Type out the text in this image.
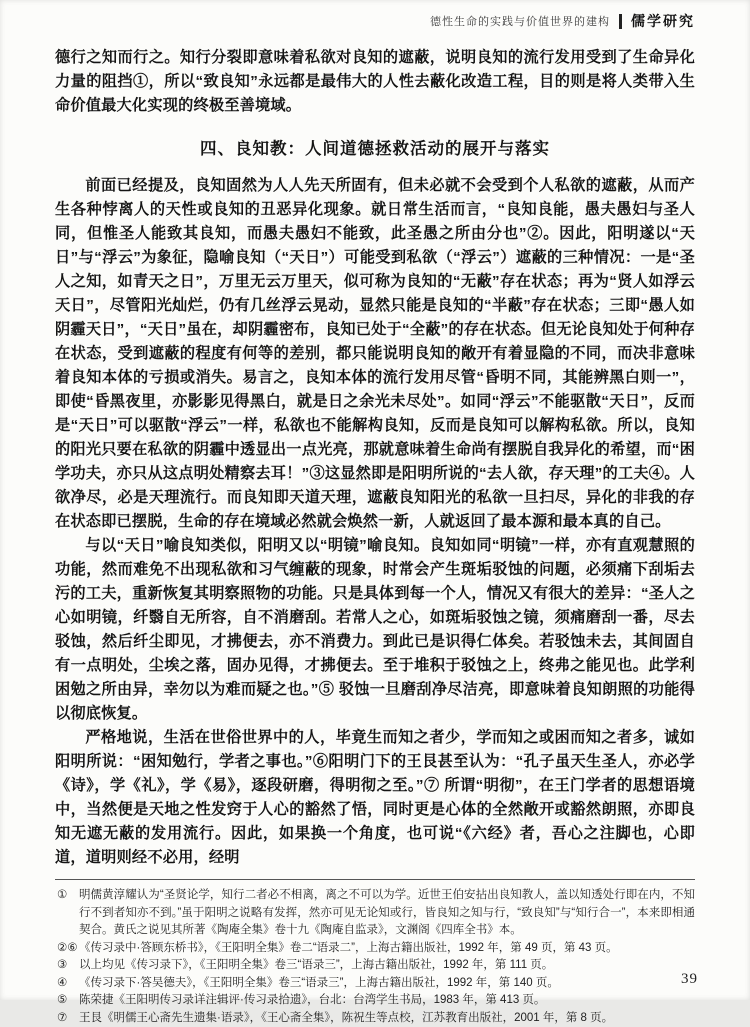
德性生命的实践与价值世界的建构 儒学研究

德行之知而行之。知行分裂即意味着私欲对良知的遮蔽，说明良知的流行发用受到了生命异化力量的阻挡①，所以“致良知”永远都是最伟大的人性去蔽化改造工程，目的则是将人类带入生命价值最大化实现的终极至善境域。

四、良知教：人间道德拯救活动的展开与落实

前面已经提及，良知固然为人人先天所固有，但未必就不会受到个人私欲的遮蔽，从而产生各种悖离人的天性或良知的丑恶异化现象。就日常生活而言，“良知良能，愚夫愚妇与圣人同，但惟圣人能致其良知，而愚夫愚妇不能致，此圣愚之所由分也”②。因此，阳明遂以“天日”与“浮云”为象征，隐喻良知（“天日”）可能受到私欲（“浮云”）遮蔽的三种情况：一是“圣人之知，如青天之日”，万里无云万里天，似可称为良知的“无蔽”存在状态；再为“贤人如浮云天日”，尽管阳光灿烂，仍有几丝浮云晃动，显然只能是良知的“半蔽”存在状态；三即“愚人如阴霾天日”，“天日”虽在，却阴霾密布，良知已处于“全蔽”的存在状态。但无论良知处于何种存在状态，受到遮蔽的程度有何等的差别，都只能说明良知的敞开有着显隐的不同，而决非意味着良知本体的亏损或消失。易言之，良知本体的流行发用尽管“昏明不同，其能辨黑白则一”，即使“昏黑夜里，亦影影见得黑白，就是日之余光未尽处”。如同“浮云”不能驱散“天日”，反而是“天日”可以驱散“浮云”一样，私欲也不能解构良知，反而是良知可以解构私欲。所以，良知的阳光只要在私欲的阴霾中透显出一点光亮，那就意味着生命尚有摆脱自我异化的希望，而“困学功夫，亦只从这点明处精察去耳！”③这显然即是阳明所说的“去人欲，存天理”的工夫④。人欲净尽，必是天理流行。而良知即天道天理，遮蔽良知阳光的私欲一旦扫尽，异化的非我的存在状态即已摆脱，生命的存在境域必然就会焕然一新，人就返回了最本源和最本真的自己。

与以“天日”喻良知类似，阳明又以“明镜”喻良知。良知如同“明镜”一样，亦有直观慧照的功能，然而难免不出现私欲和习气缠蔽的现象，时常会产生斑垢驳蚀的问题，必须痛下刮垢去污的工夫，重新恢复其明察照物的功能。只是具体到每一个人，情况又有很大的差异：“圣人之心如明镜，纤翳自无所容，自不消磨刮。若常人之心，如斑垢驳蚀之镜，须痛磨刮一番，尽去驳蚀，然后纤尘即见，才拂便去，亦不消费力。到此已是识得仁体矣。若驳蚀未去，其间固自有一点明处，尘埃之落，固办见得，才拂便去。至于堆积于驳蚀之上，终弗之能见也。此学利困勉之所由异，幸勿以为难而疑之也。”⑤ 驳蚀一旦磨刮净尽洁亮，即意味着良知朗照的功能得以彻底恢复。

严格地说，生活在世俗世界中的人，毕竟生而知之者少，学而知之或困而知之者多，诚如阳明所说：“困知勉行，学者之事也。”⑥阳明门下的王艮甚至认为：“孔子虽天生圣人，亦必学《诗》，学《礼》，学《易》，逐段研磨，得明彻之至。”⑦ 所谓“明彻”，在王门学者的思想语境中，当然便是天地之性发窍于人心的豁然了悟，同时更是心体的全然敞开或豁然朗照，亦即良知无遮无蔽的发用流行。因此，如果换一个角度，也可说“《六经》者，吾心之注脚也，心即道，道明则经不必用，经明

①	明儒黄淳耀认为“圣贤论学，知行二者必不相离，离之不可以为学。近世王伯安拈出良知教人，盖以知透处行即在内，不知行不到者知亦不到。”虽于阳明之说略有发挥，然亦可见无论知或行，皆良知之知与行，“致良知”与“知行合一”，本来即相通契合。黄氏之说见其所著《陶庵全集》卷十九《陶庵自监录》，文渊阁《四库全书》本。
②⑥ 《传习录中·答顾东桥书》，《王阳明全集》卷二“语录二”，上海古籍出版社，1992 年，第 49 页，第 43 页。
③	以上均见《传习录下》，《王阳明全集》卷三“语录三”，上海古籍出版社，1992 年，第 111 页。
④	《传习录下·答吴德夫》，《王阳明全集》卷三“语录三”，上海古籍出版社，1992 年，第 140 页。
⑤	陈荣捷《王阳明传习录详注辑评·传习录拾遗》，台北：台湾学生书局，1983 年，第 413 页。
⑦	王艮《明儒王心斋先生遗集·语录》，《王心斋全集》，陈祝生等点校，江苏教育出版社，2001 年，第 8 页。
39
